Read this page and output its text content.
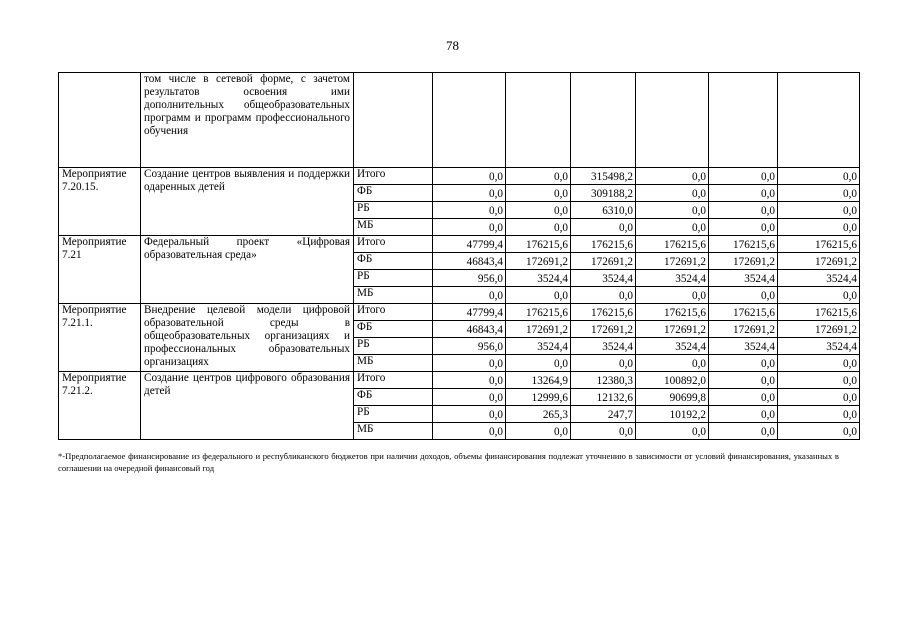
78
	том числе в сетевой форме, с зачетом результатов освоения ими дополнительных общеобразовательных программ и программ профессионального обучения							
Мероприятие 7.20.15.	Создание центров выявления и поддержки одаренных детей	Итого	0,0	0,0	315498,2	0,0	0,0	0,0
		ФБ	0,0	0,0	309188,2	0,0	0,0	0,0
		РБ	0,0	0,0	6310,0	0,0	0,0	0,0
		МБ	0,0	0,0	0,0	0,0	0,0	0,0
Мероприятие 7.21	Федеральный проект «Цифровая образовательная среда»	Итого	47799,4	176215,6	176215,6	176215,6	176215,6	176215,6
		ФБ	46843,4	172691,2	172691,2	172691,2	172691,2	172691,2
		РБ	956,0	3524,4	3524,4	3524,4	3524,4	3524,4
		МБ	0,0	0,0	0,0	0,0	0,0	0,0
Мероприятие 7.21.1.	Внедрение целевой модели цифровой образовательной среды в общеобразовательных организациях и профессиональных образовательных организациях	Итого	47799,4	176215,6	176215,6	176215,6	176215,6	176215,6
		ФБ	46843,4	172691,2	172691,2	172691,2	172691,2	172691,2
		РБ	956,0	3524,4	3524,4	3524,4	3524,4	3524,4
		МБ	0,0	0,0	0,0	0,0	0,0	0,0
Мероприятие 7.21.2.	Создание центров цифрового образования детей	Итого	0,0	13264,9	12380,3	100892,0	0,0	0,0
		ФБ	0,0	12999,6	12132,6	90699,8	0,0	0,0
		РБ	0,0	265,3	247,7	10192,2	0,0	0,0
		МБ	0,0	0,0	0,0	0,0	0,0	0,0
*-Предполагаемое финансирование из федерального и республиканского бюджетов при наличии доходов, объемы финансирования подлежат уточнению в зависимости от условий финансирования, указанных в соглашении на очередной финансовый год
